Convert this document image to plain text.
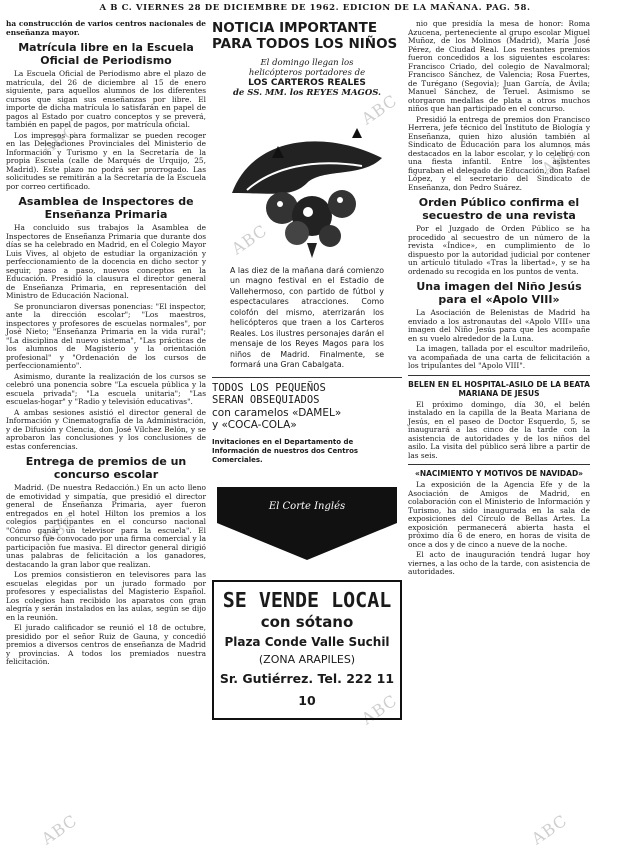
A B C. VIERNES 28 DE DICIEMBRE DE 1962. EDICION DE LA MAÑANA. PAG. 58.
ABC
ABC
ABC
ABC
ABC
ABC
ABC
ABC

ha construcción de varios centros nacionales de enseñanza mayor.

Matrícula libre en la Escuela Oficial de Periodismo

La Escuela Oficial de Periodismo abre el plazo de matrícula, del 26 de diciembre al 15 de enero siguiente, para aquellos alumnos de los diferentes cursos que sigan sus enseñanzas por libre. El importe de dicha matrícula lo satisfarán en papel de pagos al Estado por cuatro conceptos y se preverá, también en papel de pagos, por matrícula oficial.

Los impresos para formalizar se pueden recoger en las Delegaciones Provinciales del Ministerio de Información y Turismo y en la Secretaría de la propia Escuela (calle de Marqués de Urquijo, 25, Madrid). Este plazo no podrá ser prorrogado. Las solicitudes se remitirán a la Secretaría de la Escuela por correo certificado.

Asamblea de Inspectores de Enseñanza Primaria

Ha concluido sus trabajos la Asamblea de Inspectores de Enseñanza Primaria que durante dos días se ha celebrado en Madrid, en el Colegio Mayor Luis Vives, al objeto de estudiar la organización y perfeccionamiento de la docencia en dicho sector y seguir, paso a paso, nuevos conceptos en la Educación. Presidió la clausura el director general de Enseñanza Primaria, en representación del Ministro de Educación Nacional.

Se pronunciaron diversas ponencias: "El inspector, ante la dirección escolar"; "Los maestros, inspectores y profesores de escuelas normales", por José Nieto; "Enseñanza Primaria en la vida rural"; "La disciplina del nuevo sistema", "Las prácticas de los alumnos de Magisterio y la orientación profesional" y "Ordenación de los cursos de perfeccionamiento".

Asimismo, durante la realización de los cursos se celebró una ponencia sobre "La escuela pública y la escuela privada"; "La escuela unitaria"; "Las escuelas-hogar" y "Radio y televisión educativas".

A ambas sesiones asistió el director general de Información y Cinematografía de la Administración, y de Difusión y Ciencia, don José Vílchez Belón, y se aprobaron las conclusiones y los conclusiones de estas conferencias.

Entrega de premios de un concurso escolar

Madrid. (De nuestra Redacción.) En un acto lleno de emotividad y simpatía, que presidió el director general de Enseñanza Primaria, ayer fueron entregados en el hotel Hilton los premios a los colegios participantes en el concurso nacional "Cómo ganar un televisor para la escuela". El concurso fue convocado por una firma comercial y la participación fue masiva. El director general dirigió unas palabras de felicitación a los ganadores, destacando la gran labor que realizan.

Los premios consistieron en televisores para las escuelas elegidas por un jurado formado por profesores y especialistas del Magisterio Español. Los colegios han recibido los aparatos con gran alegría y serán instalados en las aulas, según se dijo en la reunión.

El jurado calificador se reunió el 18 de octubre, presidido por el señor Ruiz de Gauna, y concedió premios a diversos centros de enseñanza de Madrid y provincias. A todos los premiados nuestra felicitación.

NOTICIA IMPORTANTE PARA TODOS LOS NIÑOS
El domingo llegan los
helicópteros portadores de
LOS CARTEROS REALES
de SS. MM. los REYES MAGOS.
A las diez de la mañana dará comienzo un magno festival en el Estadio de Vallehermoso, con partido de fútbol y espectaculares atracciones. Como colofón del mismo, aterrizarán los helicópteros que traen a los Carteros Reales. Los ilustres personajes darán el mensaje de los Reyes Magos para los niños de Madrid. Finalmente, se formará una Gran Cabalgata.
TODOS LOS PEQUEÑOS
SERAN OBSEQUIADOS
con caramelos «DAMEL»
y «COCA-COLA»
Invitaciones en el Departamento de Información de nuestros dos Centros Comerciales.
El Corte Inglés
SE VENDE LOCAL
con sótano
Plaza Conde Valle Suchil
(ZONA ARAPILES)
Sr. Gutiérrez. Tel. 222 11 10

nio que presidía la mesa de honor: Roma Azucena, perteneciente al grupo escolar Miguel Muñoz, de los Molinos (Madrid), María José Pérez, de Ciudad Real. Los restantes premios fueron concedidos a los siguientes escolares: Francisco Criado, del colegio de Navalmoral; Francisco Sánchez, de Valencia; Rosa Fuertes, de Turégano (Segovia); Juan García, de Ávila; Manuel Sánchez, de Teruel. Asimismo se otorgaron medallas de plata a otros muchos niños que han participado en el concurso.

Presidió la entrega de premios don Francisco Herrera, jefe técnico del Instituto de Biología y Enseñanza, quien hizo alusión también al Sindicato de Educación para los alumnos más destacados en la labor escolar, y lo celebró con una fiesta infantil. Entre los asistentes figuraban el delegado de Educación, don Rafael López, y el secretario del Sindicato de Enseñanza, don Pedro Suárez.

Orden Público confirma el secuestro de una revista

Por el Juzgado de Orden Público se ha procedido al secuestro de un número de la revista «Índice», en cumplimiento de lo dispuesto por la autoridad judicial por contener un artículo titulado «Tras la libertad», y se ha ordenado su recogida en los puntos de venta.

Una imagen del Niño Jesús para el «Apolo VIII»

La Asociación de Belenistas de Madrid ha enviado a los astronautas del «Apolo VIII» una imagen del Niño Jesús para que les acompañe en su vuelo alrededor de la Luna.

La imagen, tallada por el escultor madrileño, va acompañada de una carta de felicitación a los tripulantes del "Apolo VIII".

BELEN EN EL HOSPITAL-ASILO DE LA BEATA MARIANA DE JESUS

El próximo domingo, día 30, el belén instalado en la capilla de la Beata Mariana de Jesús, en el paseo de Doctor Esquerdo, 5, se inaugurará a las cinco de la tarde con la asistencia de autoridades y de los niños del asilo. La visita del público será libre a partir de las seis.

«NACIMIENTO Y MOTIVOS DE NAVIDAD»

La exposición de la Agencia Efe y de la Asociación de Amigos de Madrid, en colaboración con el Ministerio de Información y Turismo, ha sido inaugurada en la sala de exposiciones del Círculo de Bellas Artes. La exposición permanecerá abierta hasta el próximo día 6 de enero, en horas de visita de once a dos y de cinco a nueve de la noche.

El acto de inauguración tendrá lugar hoy viernes, a las ocho de la tarde, con asistencia de autoridades.
